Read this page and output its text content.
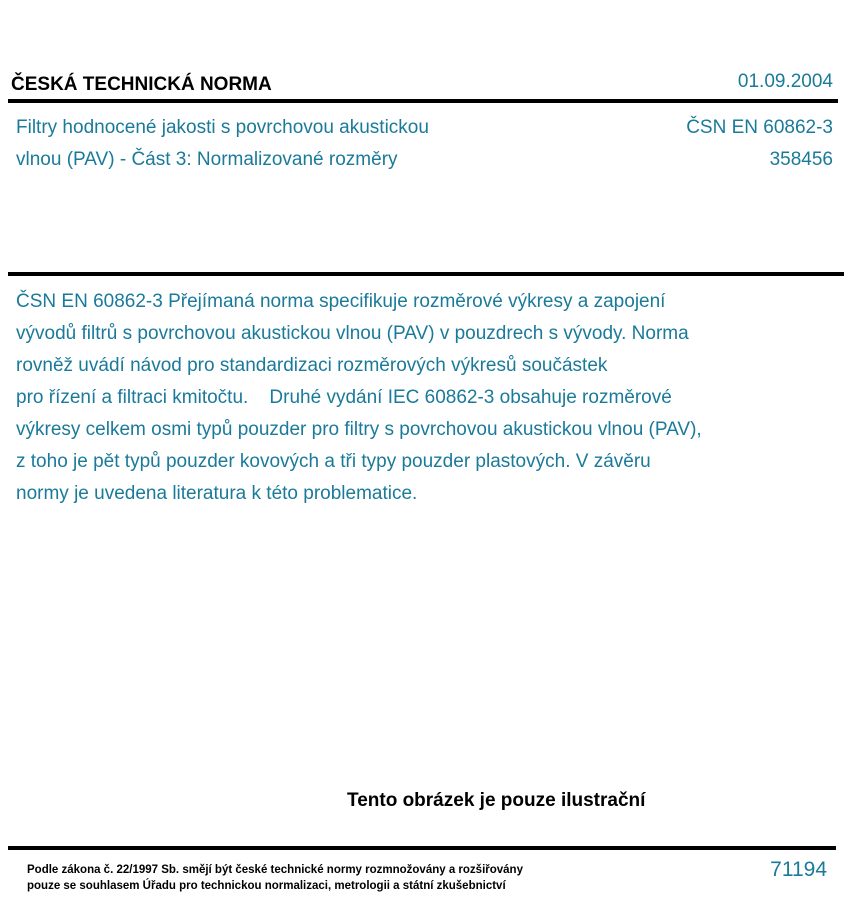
ČESKÁ TECHNICKÁ NORMA	01.09.2004
Filtry hodnocené jakosti s povrchovou akustickou
vlnou (PAV) - Část 3: Normalizované rozměry
ČSN EN 60862-3
358456
ČSN EN 60862-3 Přejímaná norma specifikuje rozměrové výkresy a zapojení
vývodů filtrů s povrchovou akustickou vlnou (PAV) v pouzdrech s vývody. Norma
rovněž uvádí návod pro standardizaci rozměrových výkresů součástek
pro řízení a filtraci kmitočtu.    Druhé vydání IEC 60862-3 obsahuje rozměrové
výkresy celkem osmi typů pouzder pro filtry s povrchovou akustickou vlnou (PAV),
z toho je pět typů pouzder kovových a tři typy pouzder plastových. V závěru
normy je uvedena literatura k této problematice.
Tento obrázek je pouze ilustrační
Podle zákona č. 22/1997 Sb. smějí být české technické normy rozmnožovány a rozšiřovány
pouze se souhlasem Úřadu pro technickou normalizaci, metrologii a státní zkušebnictví
71194
